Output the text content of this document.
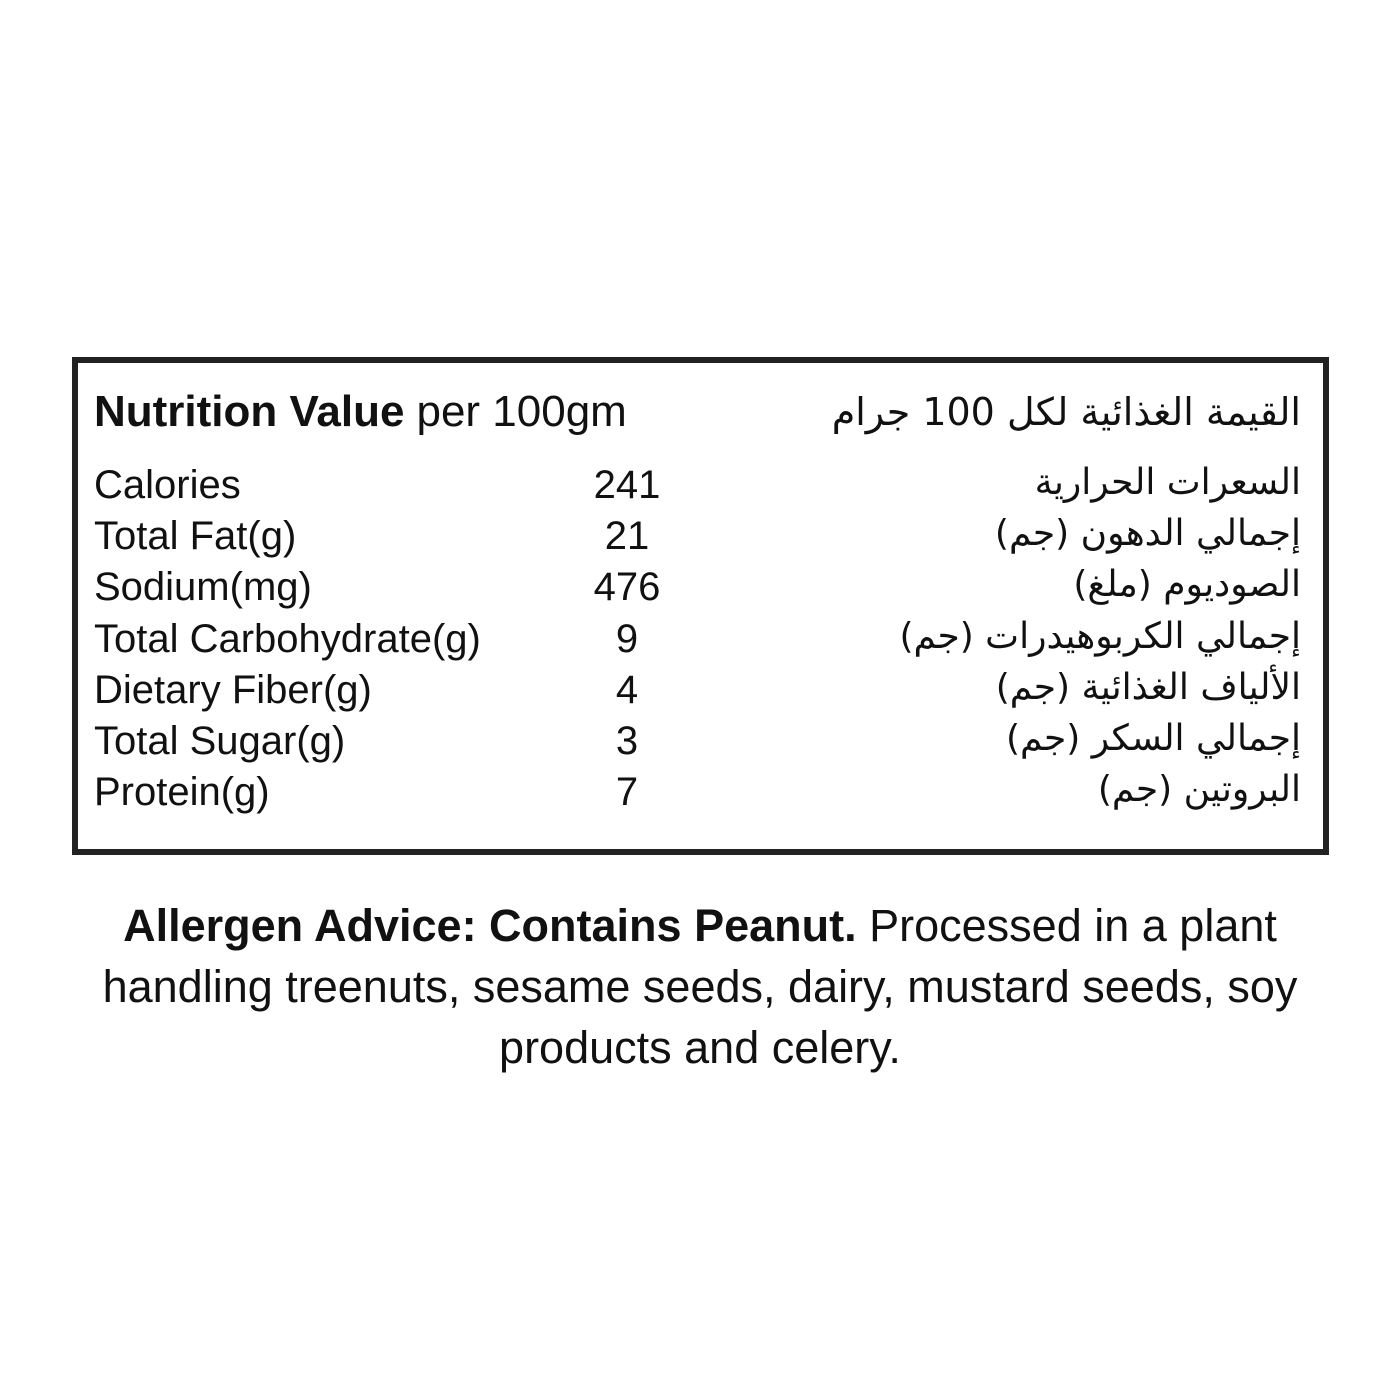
Nutrition Value per 100gm	القيمة الغذائية لكل 100 جرام
Calories	241	السعرات الحرارية
Total Fat(g)	21	إجمالي الدهون (جم)
Sodium(mg)	476	الصوديوم (ملغ)
Total Carbohydrate(g)	9	إجمالي الكربوهيدرات (جم)
Dietary Fiber(g)	4	الألياف الغذائية (جم)
Total Sugar(g)	3	إجمالي السكر (جم)
Protein(g)	7	البروتين (جم)
Allergen Advice: Contains Peanut. Processed in a plant handling treenuts, sesame seeds, dairy, mustard seeds, soy products and celery.
